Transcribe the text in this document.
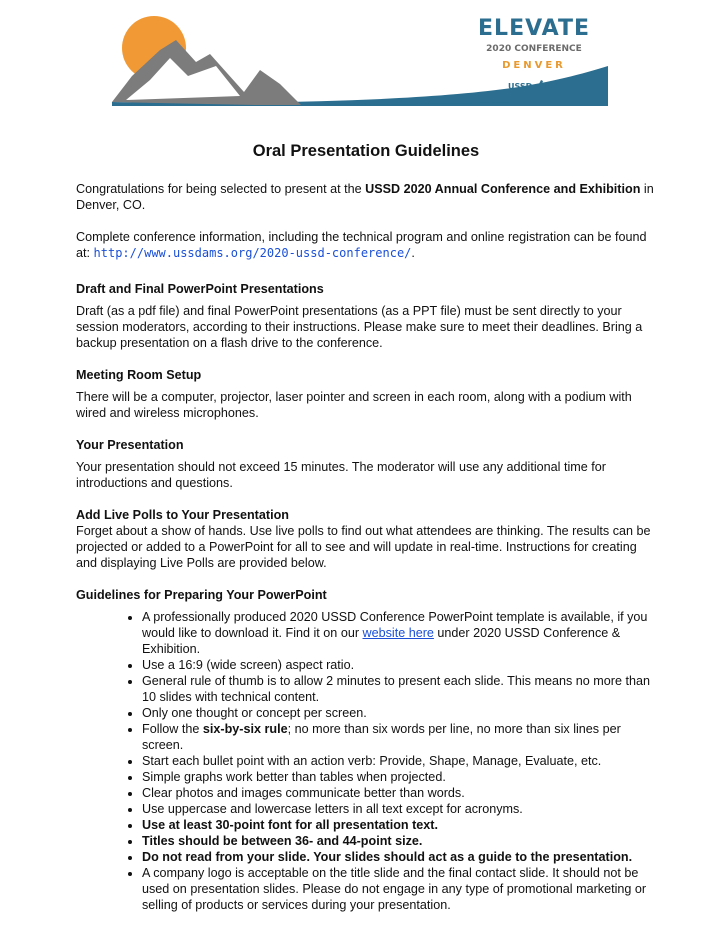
ELEVATE
2020 CONFERENCE
DENVER
USSD
Oral Presentation Guidelines

Congratulations for being selected to present at the USSD 2020 Annual Conference and Exhibition in Denver, CO.

Complete conference information, including the technical program and online registration can be found at: http://www.ussdams.org/2020-ussd-conference/.

Draft and Final PowerPoint Presentations

Draft (as a pdf file) and final PowerPoint presentations (as a PPT file) must be sent directly to your session moderators, according to their instructions. Please make sure to meet their deadlines. Bring a backup presentation on a flash drive to the conference.

Meeting Room Setup

There will be a computer, projector, laser pointer and screen in each room, along with a podium with wired and wireless microphones.

Your Presentation

Your presentation should not exceed 15 minutes. The moderator will use any additional time for introductions and questions.

Add Live Polls to Your Presentation

Forget about a show of hands. Use live polls to find out what attendees are thinking. The results can be projected or added to a PowerPoint for all to see and will update in real-time. Instructions for creating and displaying Live Polls are provided below.

Guidelines for Preparing Your PowerPoint
• A professionally produced 2020 USSD Conference PowerPoint template is available, if you would like to download it. Find it on our website here under 2020 USSD Conference & Exhibition.
• Use a 16:9 (wide screen) aspect ratio.
• General rule of thumb is to allow 2 minutes to present each slide. This means no more than 10 slides with technical content.
• Only one thought or concept per screen.
• Follow the six-by-six rule; no more than six words per line, no more than six lines per screen.
• Start each bullet point with an action verb: Provide, Shape, Manage, Evaluate, etc.
• Simple graphs work better than tables when projected.
• Clear photos and images communicate better than words.
• Use uppercase and lowercase letters in all text except for acronyms.
• Use at least 30-point font for all presentation text.
• Titles should be between 36- and 44-point size.
• Do not read from your slide. Your slides should act as a guide to the presentation.
• A company logo is acceptable on the title slide and the final contact slide. It should not be used on presentation slides. Please do not engage in any type of promotional marketing or selling of products or services during your presentation.
